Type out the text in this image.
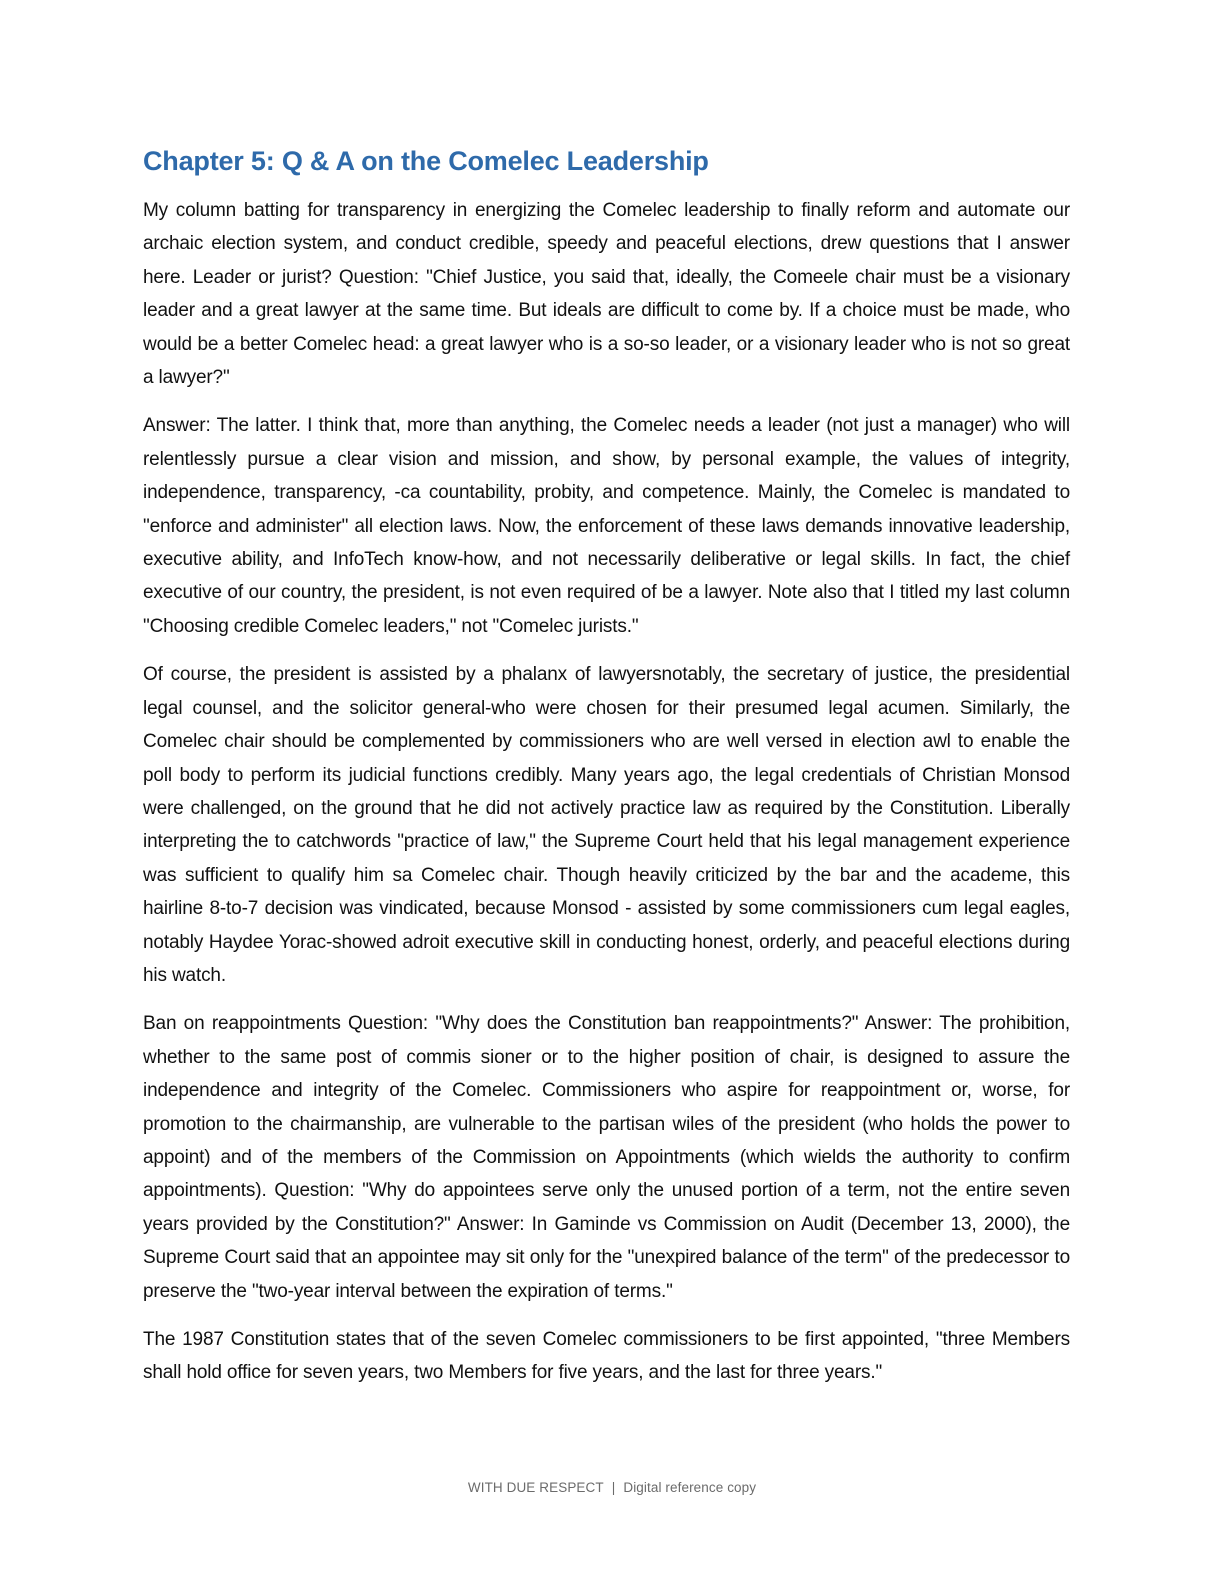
Chapter 5: Q & A on the Comelec Leadership

My column batting for transparency in energizing the Comelec leadership to finally reform and automate our archaic election system, and conduct credible, speedy and peaceful elections, drew questions that I answer here. Leader or jurist? Question: "Chief Justice, you said that, ideally, the Comeele chair must be a visionary leader and a great lawyer at the same time. But ideals are difficult to come by. If a choice must be made, who would be a better Comelec head: a great lawyer who is a so-so leader, or a visionary leader who is not so great a lawyer?"

Answer: The latter. I think that, more than anything, the Comelec needs a leader (not just a manager) who will relentlessly pursue a clear vision and mission, and show, by personal example, the values of integrity, independence, transparency, -ca countability, probity, and competence. Mainly, the Comelec is mandated to "enforce and administer" all election laws. Now, the enforcement of these laws demands innovative leadership, executive ability, and InfoTech know-how, and not necessarily deliberative or legal skills. In fact, the chief executive of our country, the president, is not even required of be a lawyer. Note also that I titled my last column "Choosing credible Comelec leaders," not "Comelec jurists."

Of course, the president is assisted by a phalanx of lawyersnotably, the secretary of justice, the presidential legal counsel, and the solicitor general-who were chosen for their presumed legal acumen. Similarly, the Comelec chair should be complemented by commissioners who are well versed in election awl to enable the poll body to perform its judicial functions credibly. Many years ago, the legal credentials of Christian Monsod were challenged, on the ground that he did not actively practice law as required by the Constitution. Liberally interpreting the to catchwords "practice of law," the Supreme Court held that his legal management experience was sufficient to qualify him sa Comelec chair. Though heavily criticized by the bar and the academe, this hairline 8-to-7 decision was vindicated, because Monsod - assisted by some commissioners cum legal eagles, notably Haydee Yorac-showed adroit executive skill in conducting honest, orderly, and peaceful elections during his watch.

Ban on reappointments Question: "Why does the Constitution ban reappointments?" Answer: The prohibition, whether to the same post of commis sioner or to the higher position of chair, is designed to assure the independence and integrity of the Comelec. Commissioners who aspire for reappointment or, worse, for promotion to the chairmanship, are vulnerable to the partisan wiles of the president (who holds the power to appoint) and of the members of the Commission on Appointments (which wields the authority to confirm appointments). Question: "Why do appointees serve only the unused portion of a term, not the entire seven years provided by the Constitution?" Answer: In Gaminde vs Commission on Audit (December 13, 2000), the Supreme Court said that an appointee may sit only for the "unexpired balance of the term" of the predecessor to preserve the "two-year interval between the expiration of terms."

The 1987 Constitution states that of the seven Comelec commissioners to be first appointed, "three Members shall hold office for seven years, two Members for five years, and the last for three years."

WITH DUE RESPECT | Digital reference copy
